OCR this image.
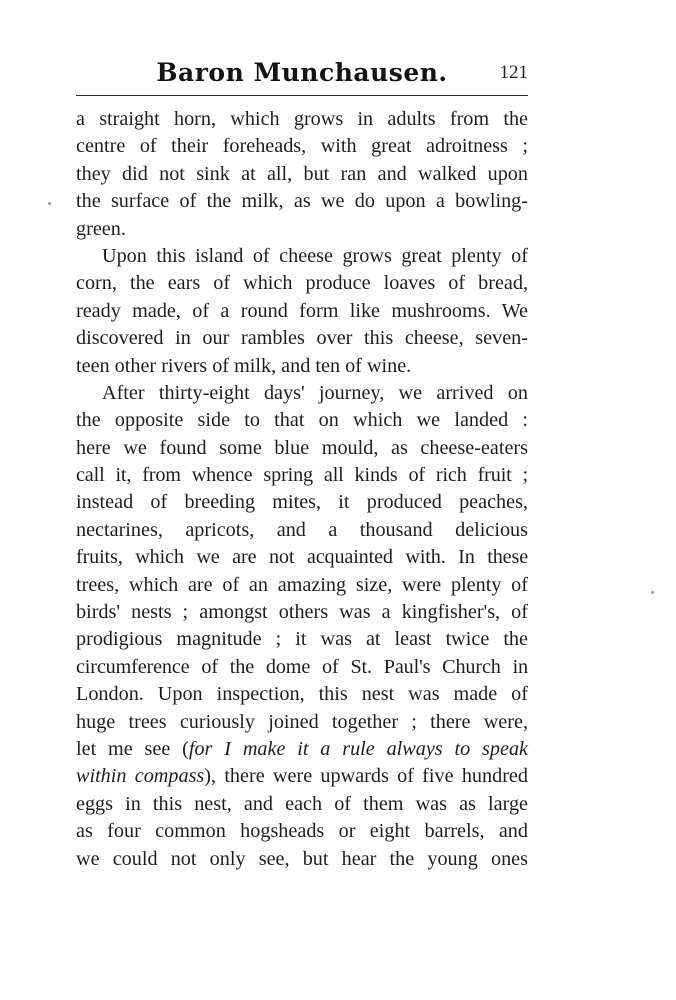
Baron Munchausen.	121
a straight horn, which grows in adults from the
centre of their foreheads, with great adroitness ;
they did not sink at all, but ran and walked upon
the surface of the milk, as we do upon a bowling-
green.
Upon this island of cheese grows great plenty of
corn, the ears of which produce loaves of bread,
ready made, of a round form like mushrooms. We
discovered in our rambles over this cheese, seven-
teen other rivers of milk, and ten of wine.
After thirty-eight days' journey, we arrived on
the opposite side to that on which we landed :
here we found some blue mould, as cheese-eaters
call it, from whence spring all kinds of rich fruit ;
instead of breeding mites, it produced peaches,
nectarines, apricots, and a thousand delicious
fruits, which we are not acquainted with. In these
trees, which are of an amazing size, were plenty of
birds' nests ; amongst others was a kingfisher's, of
prodigious magnitude ; it was at least twice the
circumference of the dome of St. Paul's Church in
London. Upon inspection, this nest was made of
huge trees curiously joined together ; there were,
let me see (for I make it a rule always to speak
within compass), there were upwards of five hundred
eggs in this nest, and each of them was as large
as four common hogsheads or eight barrels, and
we could not only see, but hear the young ones
